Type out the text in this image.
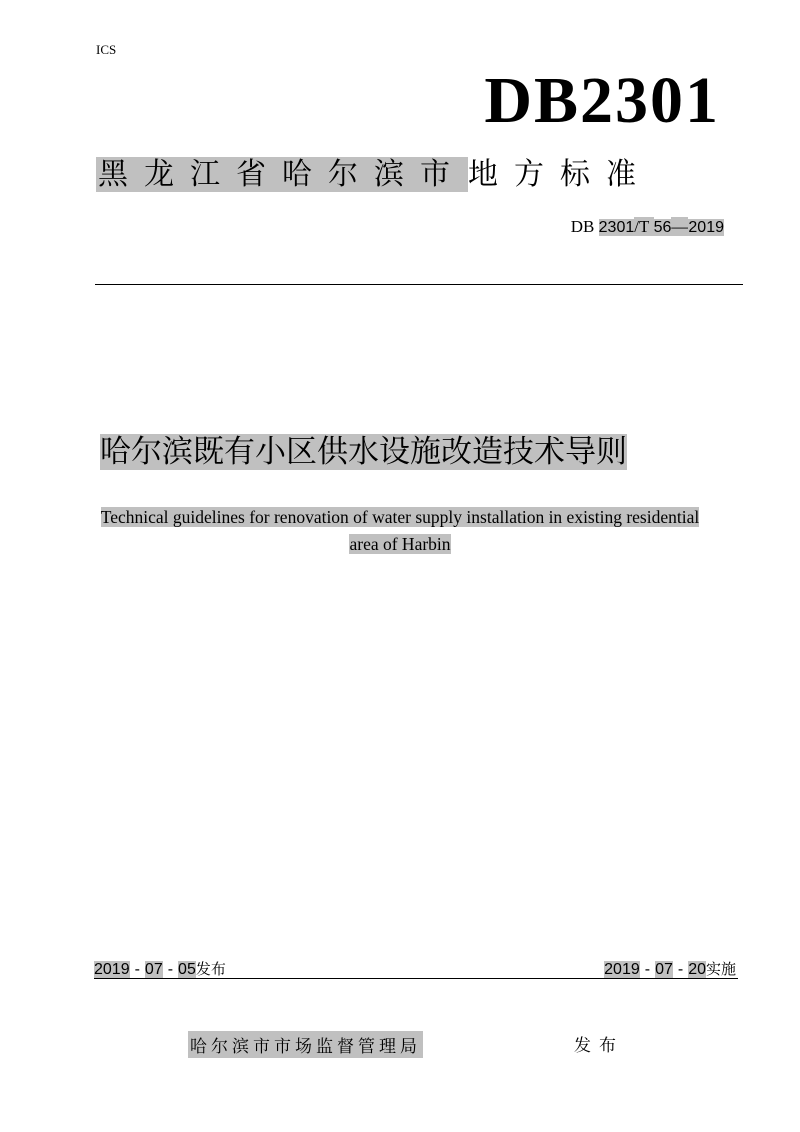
ICS
DB2301
黑龙江省哈尔滨市地方标准
DB 2301/T 56—2019
哈尔滨既有小区供水设施改造技术导则
Technical guidelines for renovation of water supply installation in existing residential
area of Harbin
2019 - 07 - 05发布	2019 - 07 - 20实施
哈尔滨市市场监督管理局	发布
